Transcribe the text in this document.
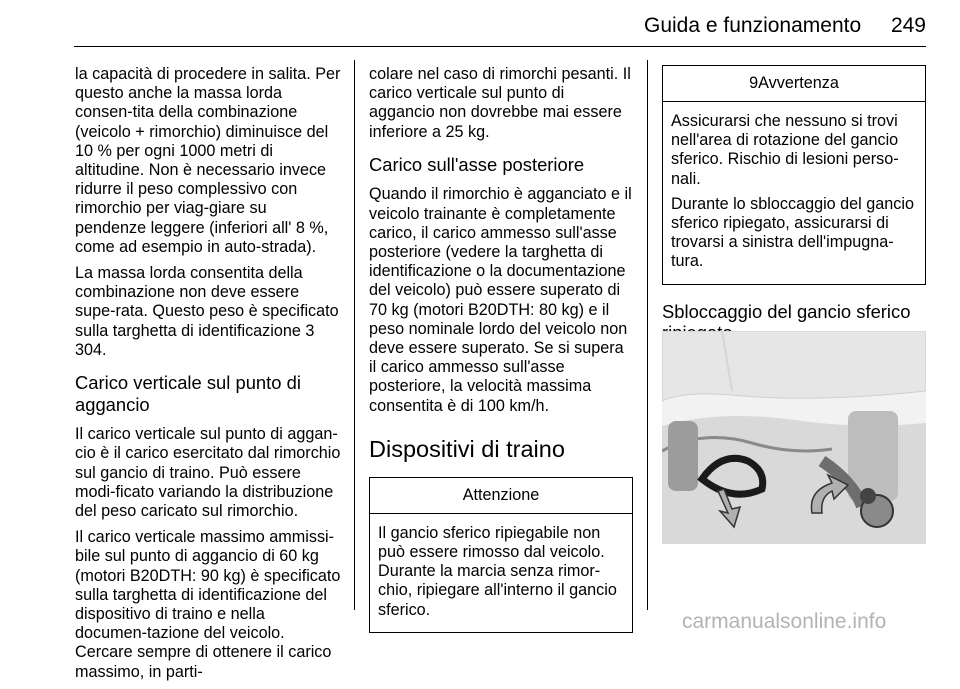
Guida e funzionamento 249

la capacità di procedere in salita. Per questo anche la massa lorda consen-tita della combinazione (veicolo + rimorchio) diminuisce del 10 % per ogni 1000 metri di altitudine. Non è necessario invece ridurre il peso complessivo con rimorchio per viag-giare su pendenze leggere (inferiori all' 8 %, come ad esempio in auto-strada).

La massa lorda consentita della combinazione non deve essere supe-rata. Questo peso è specificato sulla targhetta di identificazione 3 304.

Carico verticale sul punto di aggancio

Il carico verticale sul punto di aggan-cio è il carico esercitato dal rimorchio sul gancio di traino. Può essere modi-ficato variando la distribuzione del peso caricato sul rimorchio.

Il carico verticale massimo ammissi-bile sul punto di aggancio di 60 kg (motori B20DTH: 90 kg) è specificato sulla targhetta di identificazione del dispositivo di traino e nella documen-tazione del veicolo. Cercare sempre di ottenere il carico massimo, in parti-

colare nel caso di rimorchi pesanti. Il carico verticale sul punto di aggancio non dovrebbe mai essere inferiore a 25 kg.

Carico sull'asse posteriore

Quando il rimorchio è agganciato e il veicolo trainante è completamente carico, il carico ammesso sull'asse posteriore (vedere la targhetta di identificazione o la documentazione del veicolo) può essere superato di 70 kg (motori B20DTH: 80 kg) e il peso nominale lordo del veicolo non deve essere superato. Se si supera il carico ammesso sull'asse posteriore, la velocità massima consentita è di 100 km/h.

Dispositivi di traino
Attenzione

Il gancio sferico ripiegabile non può essere rimosso dal veicolo. Durante la marcia senza rimor-chio, ripiegare all'interno il gancio sferico.

9Avvertenza

Assicurarsi che nessuno si trovi nell'area di rotazione del gancio sferico. Rischio di lesioni perso-nali.

Durante lo sbloccaggio del gancio sferico ripiegato, assicurarsi di trovarsi a sinistra dell'impugna-tura.

Sbloccaggio del gancio sferico
carmanualsonline.info
